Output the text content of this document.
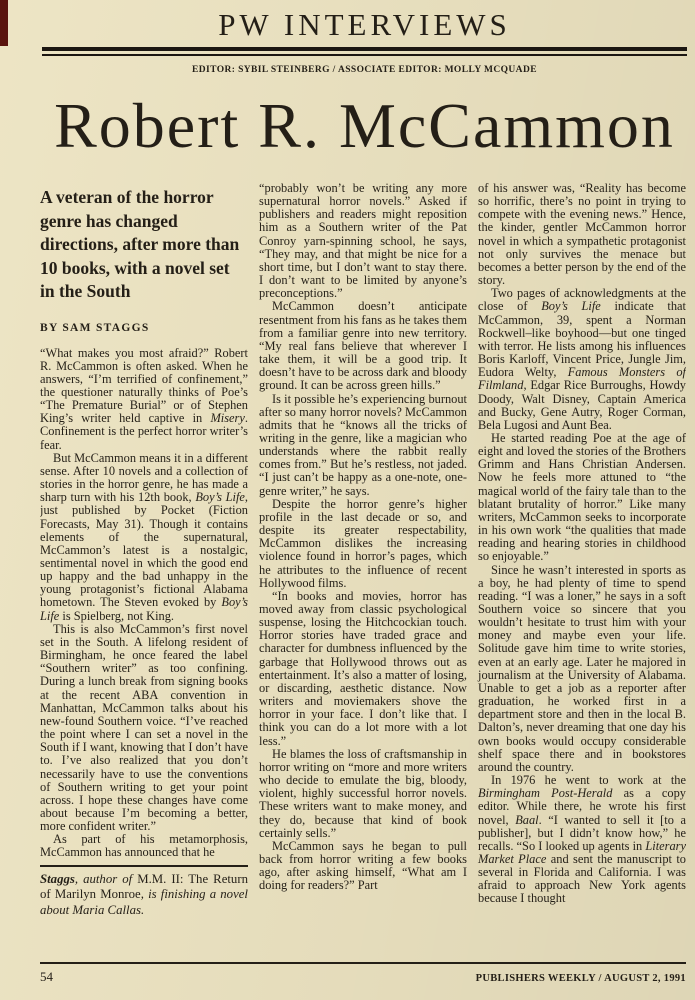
PW INTERVIEWS
EDITOR: SYBIL STEINBERG / ASSOCIATE EDITOR: MOLLY MCQUADE
Robert R. McCammon

A veteran of the horror genre has changed directions, after more than 10 books, with a novel set in the South

BY SAM STAGGS

“What makes you most afraid?” Robert R. McCammon is often asked. When he answers, “I’m terrified of confinement,” the questioner naturally thinks of Poe’s “The Premature Burial” or of Stephen King’s writer held captive in Misery. Confinement is the perfect horror writer’s fear.

But McCammon means it in a different sense. After 10 novels and a collection of stories in the horror genre, he has made a sharp turn with his 12th book, Boy’s Life, just published by Pocket (Fiction Forecasts, May 31). Though it contains elements of the supernatural, McCammon’s latest is a nostalgic, sentimental novel in which the good end up happy and the bad unhappy in the young protagonist’s fictional Alabama hometown. The Steven evoked by Boy’s Life is Spielberg, not King.

This is also McCammon’s first novel set in the South. A lifelong resident of Birmingham, he once feared the label “Southern writer” as too confining. During a lunch break from signing books at the recent ABA convention in Manhattan, McCammon talks about his new-found Southern voice. “I’ve reached the point where I can set a novel in the South if I want, knowing that I don’t have to. I’ve also realized that you don’t necessarily have to use the conventions of Southern writing to get your point across. I hope these changes have come about because I’m becoming a better, more confident writer.”

As part of his metamorphosis, McCammon has announced that he

Staggs, author of M.M. II: The Return of Marilyn Monroe, is finishing a novel about Maria Callas.

“probably won’t be writing any more supernatural horror novels.” Asked if publishers and readers might reposition him as a Southern writer of the Pat Conroy yarn-spinning school, he says, “They may, and that might be nice for a short time, but I don’t want to stay there. I don’t want to be limited by anyone’s preconceptions.”

McCammon doesn’t anticipate resentment from his fans as he takes them from a familiar genre into new territory. “My real fans believe that wherever I take them, it will be a good trip. It doesn’t have to be across dark and bloody ground. It can be across green hills.”

Is it possible he’s experiencing burnout after so many horror novels? McCammon admits that he “knows all the tricks of writing in the genre, like a magician who understands where the rabbit really comes from.” But he’s restless, not jaded. “I just can’t be happy as a one-note, one-genre writer,” he says.

Despite the horror genre’s higher profile in the last decade or so, and despite its greater respectability, McCammon dislikes the increasing violence found in horror’s pages, which he attributes to the influence of recent Hollywood films.

“In books and movies, horror has moved away from classic psychological suspense, losing the Hitchcockian touch. Horror stories have traded grace and character for dumbness influenced by the garbage that Hollywood throws out as entertainment. It’s also a matter of losing, or discarding, aesthetic distance. Now writers and moviemakers shove the horror in your face. I don’t like that. I think you can do a lot more with a lot less.”

He blames the loss of craftsmanship in horror writing on “more and more writers who decide to emulate the big, bloody, violent, highly successful horror novels. These writers want to make money, and they do, because that kind of book certainly sells.”

McCammon says he began to pull back from horror writing a few books ago, after asking himself, “What am I doing for readers?” Part

of his answer was, “Reality has become so horrific, there’s no point in trying to compete with the evening news.” Hence, the kinder, gentler McCammon horror novel in which a sympathetic protagonist not only survives the menace but becomes a better person by the end of the story.

Two pages of acknowledgments at the close of Boy’s Life indicate that McCammon, 39, spent a Norman Rockwell–like boyhood—but one tinged with terror. He lists among his influences Boris Karloff, Vincent Price, Jungle Jim, Eudora Welty, Famous Monsters of Filmland, Edgar Rice Burroughs, Howdy Doody, Walt Disney, Captain America and Bucky, Gene Autry, Roger Corman, Bela Lugosi and Aunt Bea.

He started reading Poe at the age of eight and loved the stories of the Brothers Grimm and Hans Christian Andersen. Now he feels more attuned to “the magical world of the fairy tale than to the blatant brutality of horror.” Like many writers, McCammon seeks to incorporate in his own work “the qualities that made reading and hearing stories in childhood so enjoyable.”

Since he wasn’t interested in sports as a boy, he had plenty of time to spend reading. “I was a loner,” he says in a soft Southern voice so sincere that you wouldn’t hesitate to trust him with your money and maybe even your life. Solitude gave him time to write stories, even at an early age. Later he majored in journalism at the University of Alabama. Unable to get a job as a reporter after graduation, he worked first in a department store and then in the local B. Dalton’s, never dreaming that one day his own books would occupy considerable shelf space there and in bookstores around the country.

In 1976 he went to work at the Birmingham Post-Herald as a copy editor. While there, he wrote his first novel, Baal. “I wanted to sell it [to a publisher], but I didn’t know how,” he recalls. “So I looked up agents in Literary Market Place and sent the manuscript to several in Florida and California. I was afraid to approach New York agents because I thought

54	PUBLISHERS WEEKLY / AUGUST 2, 1991
